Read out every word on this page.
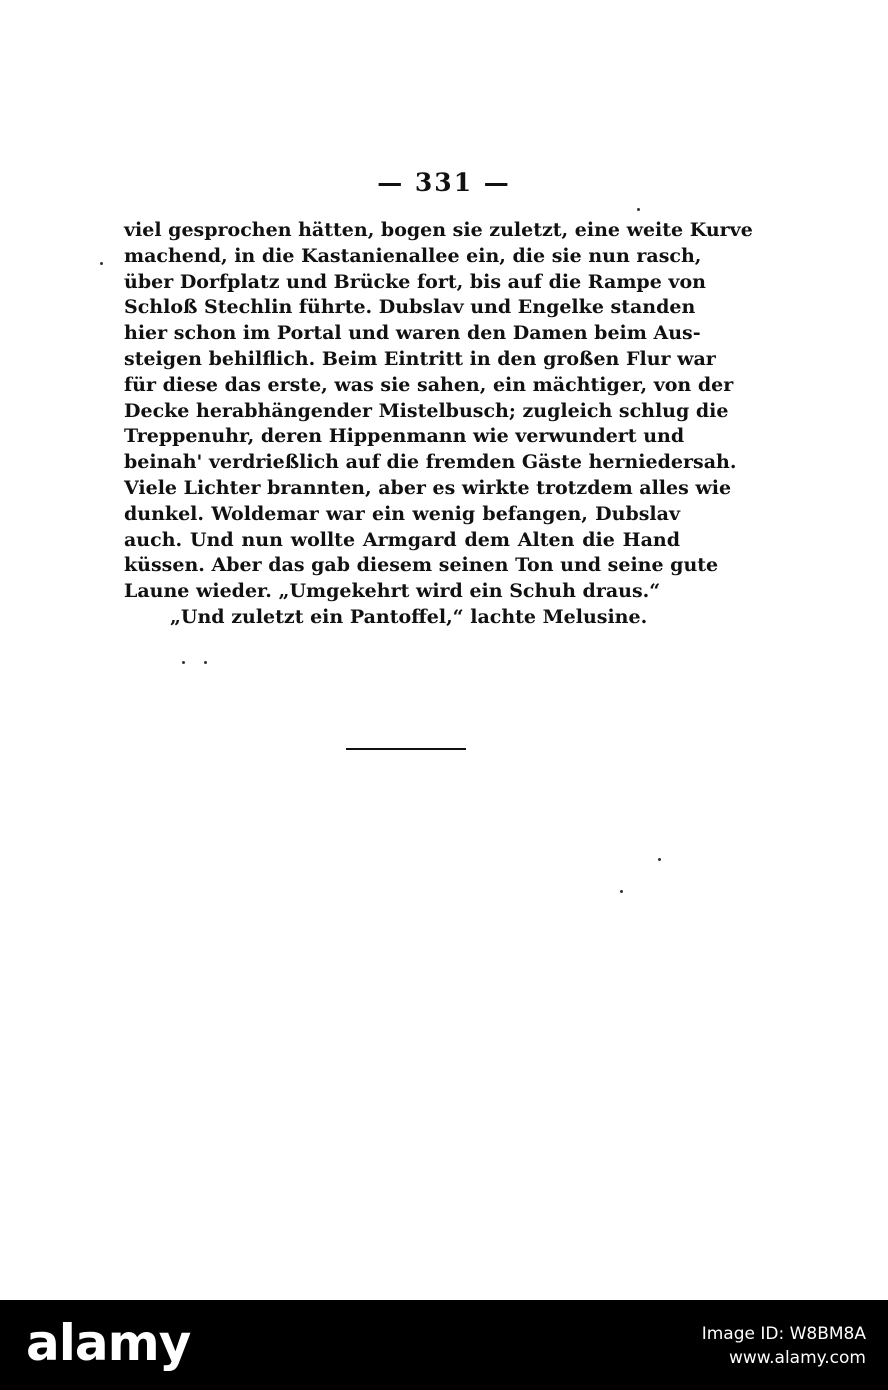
— 331 —
viel gesprochen hätten, bogen sie zuletzt, eine weite Kurve
machend, in die Kastanienallee ein, die sie nun rasch,
über Dorfplatz und Brücke fort, bis auf die Rampe von
Schloß Stechlin führte. Dubslav und Engelke standen
hier schon im Portal und waren den Damen beim Aus-
steigen behilflich. Beim Eintritt in den großen Flur war
für diese das erste, was sie sahen, ein mächtiger, von der
Decke herabhängender Mistelbusch; zugleich schlug die
Treppenuhr, deren Hippenmann wie verwundert und
beinah' verdrießlich auf die fremden Gäste herniedersah.
Viele Lichter brannten, aber es wirkte trotzdem alles wie
dunkel. Woldemar war ein wenig befangen, Dubslav
auch. Und nun wollte Armgard dem Alten die Hand
küssen. Aber das gab diesem seinen Ton und seine gute
Laune wieder. „Umgekehrt wird ein Schuh draus.“
„Und zuletzt ein Pantoffel,“ lachte Melusine.
alamy	Image ID: W8BM8A
www.alamy.com
